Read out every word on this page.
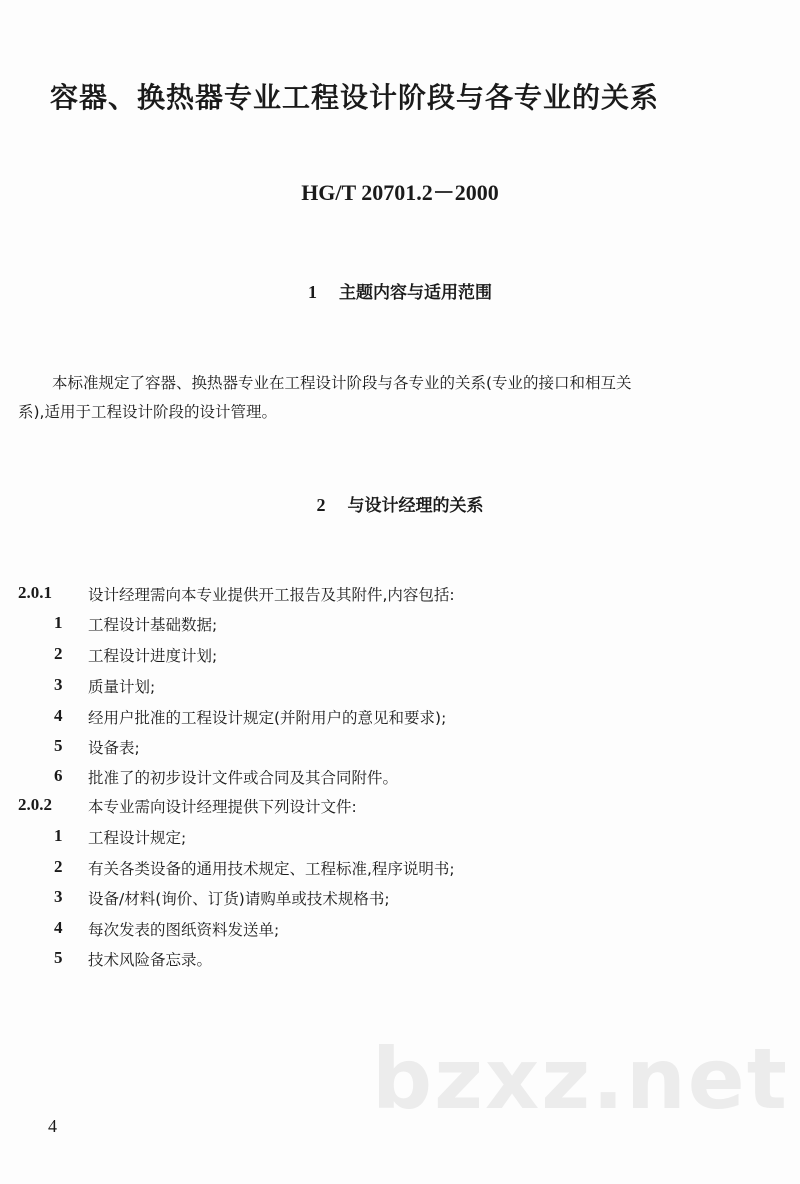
容器、换热器专业工程设计阶段与各专业的关系
HG/T 20701.2－2000
1 主题内容与适用范围
本标准规定了容器、换热器专业在工程设计阶段与各专业的关系(专业的接口和相互关
系),适用于工程设计阶段的设计管理。
2 与设计经理的关系
2.0.1 设计经理需向本专业提供开工报告及其附件,内容包括:
1 工程设计基础数据;
2 工程设计进度计划;
3 质量计划;
4 经用户批准的工程设计规定(并附用户的意见和要求);
5 设备表;
6 批准了的初步设计文件或合同及其合同附件。
2.0.2 本专业需向设计经理提供下列设计文件:
1 工程设计规定;
2 有关各类设备的通用技术规定、工程标准,程序说明书;
3 设备/材料(询价、订货)请购单或技术规格书;
4 每次发表的图纸资料发送单;
5 技术风险备忘录。
4	bzxz.net
